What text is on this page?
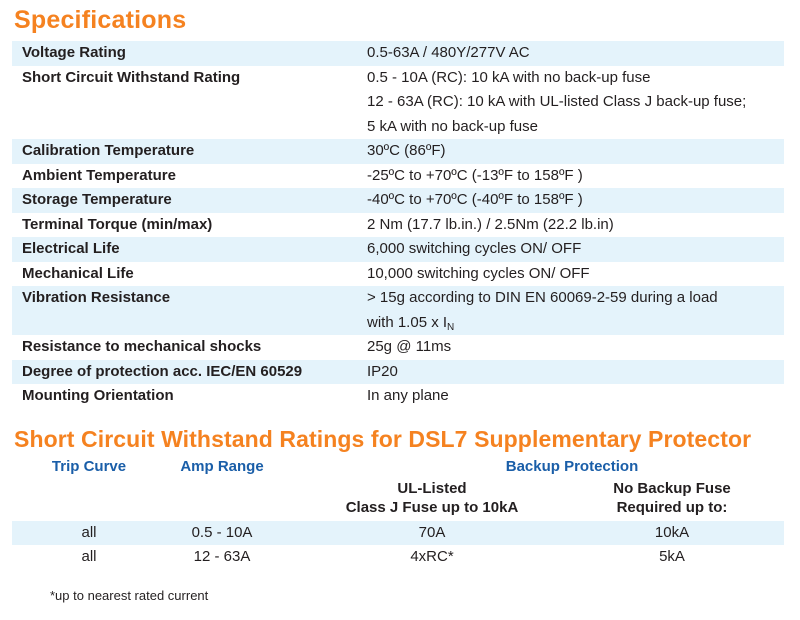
Specifications
Voltage Rating	0.5-63A / 480Y/277V AC
Short Circuit Withstand Rating	0.5 - 10A (RC): 10 kA with no back-up fuse
12 - 63A (RC): 10 kA with UL-listed Class J back-up fuse;
5 kA with no back-up fuse
Calibration Temperature	30ºC (86ºF)
Ambient Temperature	-25ºC to +70ºC (-13ºF to 158ºF )
Storage Temperature	-40ºC to +70ºC (-40ºF to 158ºF )
Terminal Torque (min/max)	2 Nm (17.7 lb.in.) / 2.5Nm (22.2 lb.in)
Electrical Life	6,000 switching cycles ON/ OFF
Mechanical Life	10,000 switching cycles ON/ OFF
Vibration Resistance	> 15g according to DIN EN 60069-2-59 during a load
with 1.05 x $I_N$
Resistance to mechanical shocks	25g @ 11ms
Degree of protection acc. IEC/EN 60529	IP20
Mounting Orientation	In any plane
Short Circuit Withstand Ratings for DSL7 Supplementary Protector
Trip Curve	Amp Range	Backup Protection
UL-Listed
Class J Fuse up to 10kA
No Backup Fuse
Required up to:
all	0.5 - 10A	70A	10kA
all	12 - 63A	4xRC*	5kA
*up to nearest rated current
